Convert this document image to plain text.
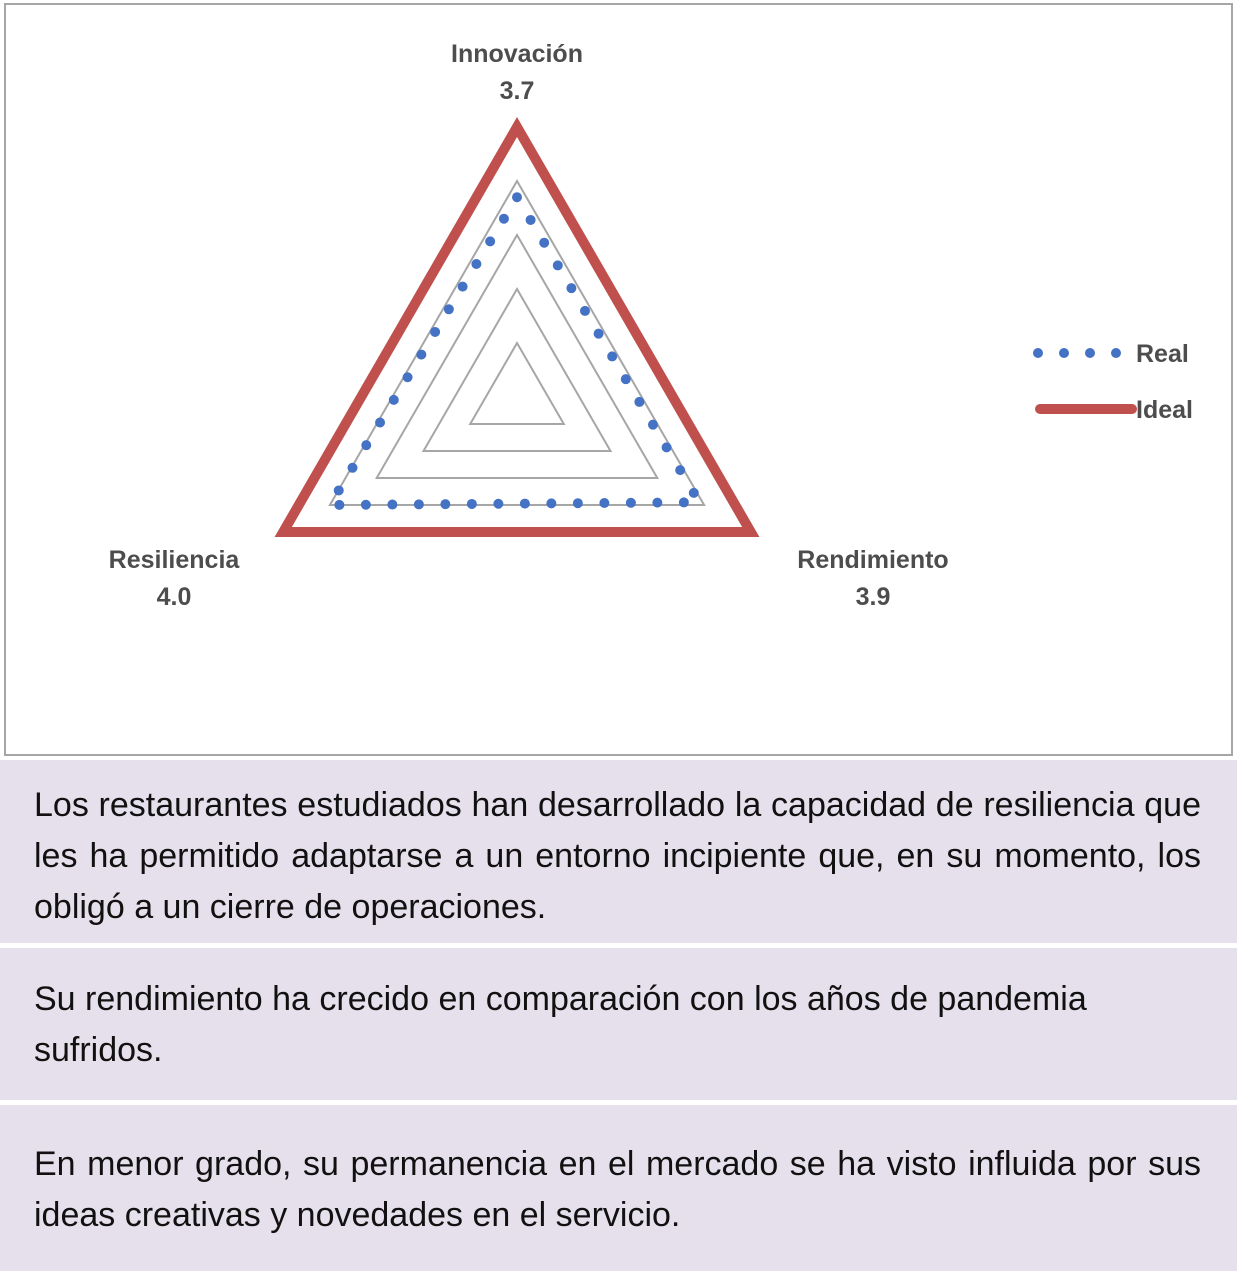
Innovación
3.7
Rendimiento
3.9
Resiliencia
4.0
Real
Ideal
Los restaurantes estudiados han desarrollado la capacidad de resiliencia que les ha permitido adaptarse a un entorno incipiente que, en su momento, los obligó a un cierre de operaciones.
Su rendimiento ha crecido en comparación con los años de pandemia sufridos.
En menor grado, su permanencia en el mercado se ha visto influida por sus ideas creativas y novedades en el servicio.
